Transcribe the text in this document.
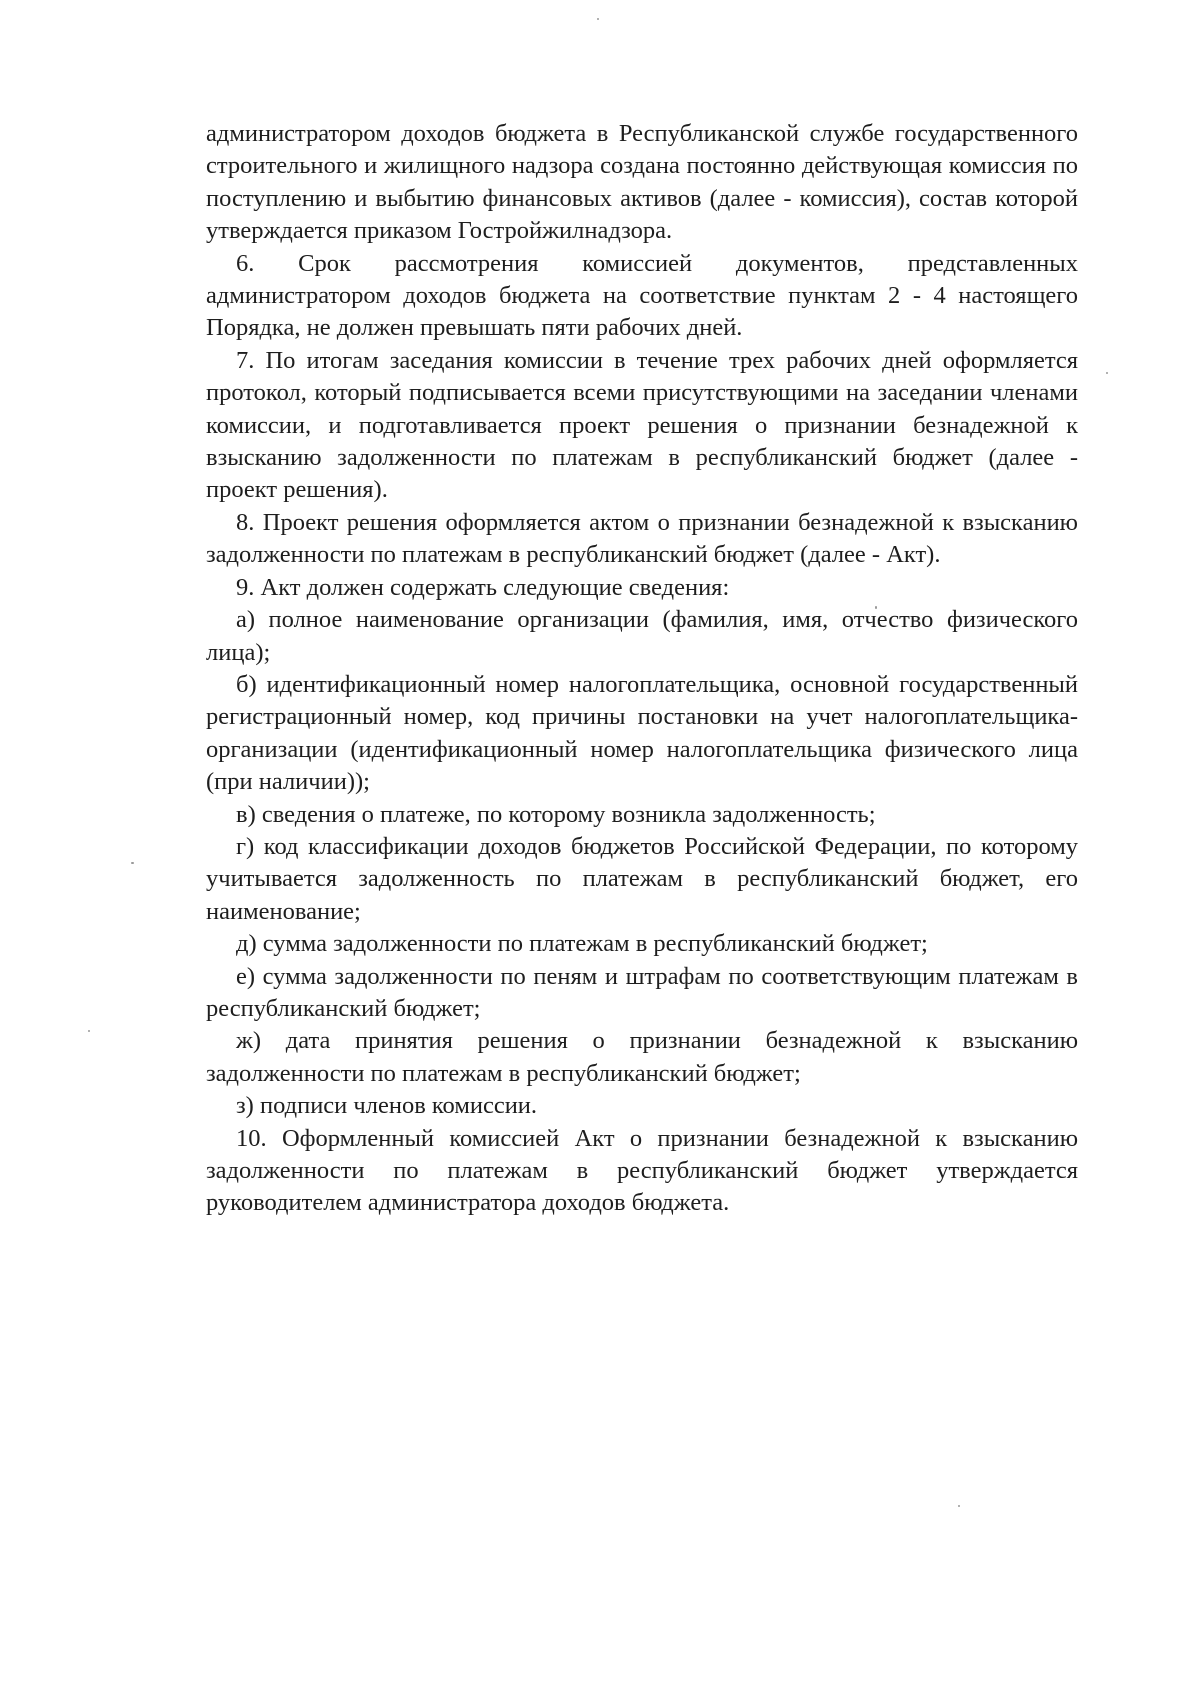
администратором доходов бюджета в Республиканской службе государственного строительного и жилищного надзора создана постоянно действующая комиссия по поступлению и выбытию финансовых активов (далее - комиссия), состав которой утверждается приказом Гостройжилнадзора.

6. Срок рассмотрения комиссией документов, представленных администратором доходов бюджета на соответствие пунктам 2 - 4 настоящего Порядка, не должен превышать пяти рабочих дней.

7. По итогам заседания комиссии в течение трех рабочих дней оформляется протокол, который подписывается всеми присутствующими на заседании членами комиссии, и подготавливается проект решения о признании безнадежной к взысканию задолженности по платежам в республиканский бюджет (далее - проект решения).

8. Проект решения оформляется актом о признании безнадежной к взысканию задолженности по платежам в республиканский бюджет (далее - Акт).

9. Акт должен содержать следующие сведения:

а) полное наименование организации (фамилия, имя, отчество физического лица);

б) идентификационный номер налогоплательщика, основной государственный регистрационный номер, код причины постановки на учет налогоплательщика-организации (идентификационный номер налогоплательщика физического лица (при наличии));

в) сведения о платеже, по которому возникла задолженность;

г) код классификации доходов бюджетов Российской Федерации, по которому учитывается задолженность по платежам в республиканский бюджет, его наименование;

д) сумма задолженности по платежам в республиканский бюджет;

е) сумма задолженности по пеням и штрафам по соответствующим платежам в республиканский бюджет;

ж) дата принятия решения о признании безнадежной к взысканию задолженности по платежам в республиканский бюджет;

з) подписи членов комиссии.

10. Оформленный комиссией Акт о признании безнадежной к взысканию задолженности по платежам в республиканский бюджет утверждается руководителем администратора доходов бюджета.
